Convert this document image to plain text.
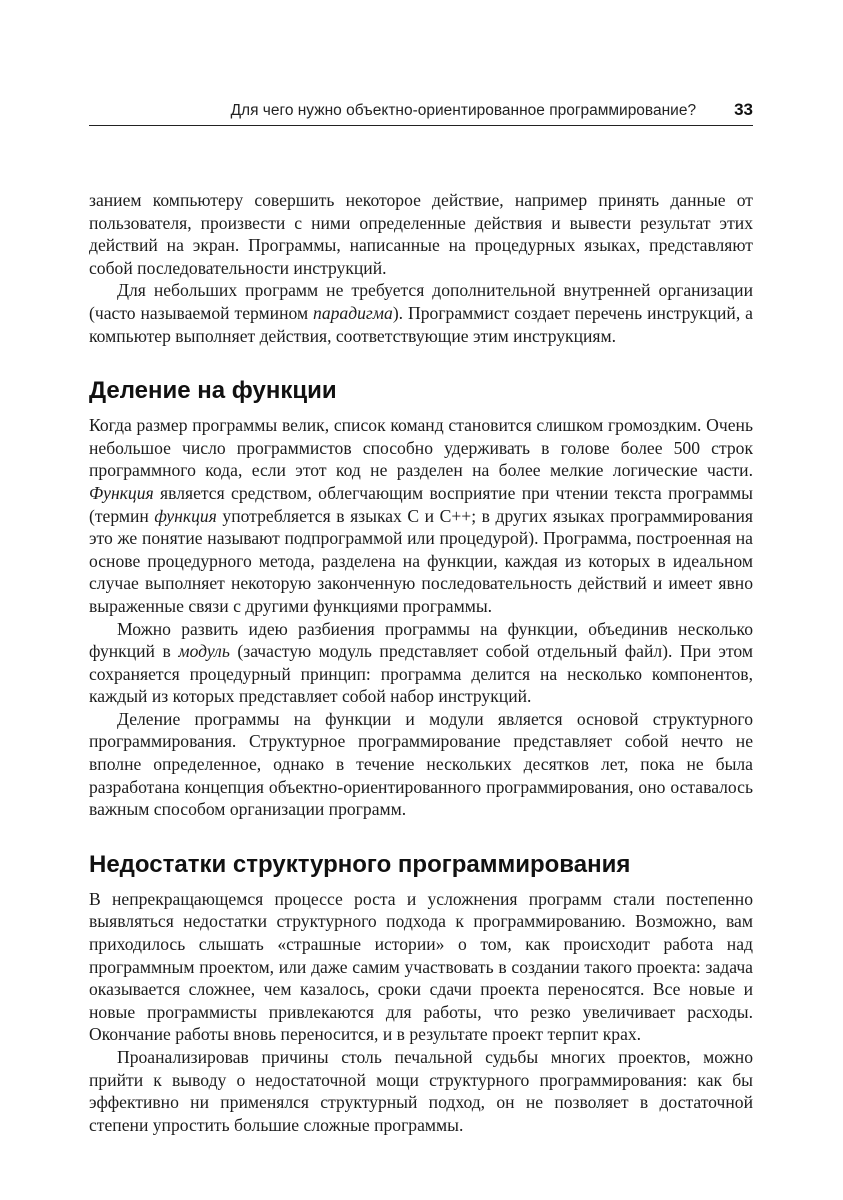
Для чего нужно объектно-ориентированное программирование? 33

занием компьютеру совершить некоторое действие, например принять данные от пользователя, произвести с ними определенные действия и вывести результат этих действий на экран. Программы, написанные на процедурных языках, представляют собой последовательности инструкций.

Для небольших программ не требуется дополнительной внутренней организации (часто называемой термином парадигма). Программист создает перечень инструкций, а компьютер выполняет действия, соответствующие этим инструкциям.

Деление на функции

Когда размер программы велик, список команд становится слишком громоздким. Очень небольшое число программистов способно удерживать в голове более 500 строк программного кода, если этот код не разделен на более мелкие логические части. Функция является средством, облегчающим восприятие при чтении текста программы (термин функция употребляется в языках С и С++; в других языках программирования это же понятие называют подпрограммой или процедурой). Программа, построенная на основе процедурного метода, разделена на функции, каждая из которых в идеальном случае выполняет некоторую законченную последовательность действий и имеет явно выраженные связи с другими функциями программы.

Можно развить идею разбиения программы на функции, объединив несколько функций в модуль (зачастую модуль представляет собой отдельный файл). При этом сохраняется процедурный принцип: программа делится на несколько компонентов, каждый из которых представляет собой набор инструкций.

Деление программы на функции и модули является основой структурного программирования. Структурное программирование представляет собой нечто не вполне определенное, однако в течение нескольких десятков лет, пока не была разработана концепция объектно-ориентированного программирования, оно оставалось важным способом организации программ.

Недостатки структурного программирования

В непрекращающемся процессе роста и усложнения программ стали постепенно выявляться недостатки структурного подхода к программированию. Возможно, вам приходилось слышать «страшные истории» о том, как происходит работа над программным проектом, или даже самим участвовать в создании такого проекта: задача оказывается сложнее, чем казалось, сроки сдачи проекта переносятся. Все новые и новые программисты привлекаются для работы, что резко увеличивает расходы. Окончание работы вновь переносится, и в результате проект терпит крах.

Проанализировав причины столь печальной судьбы многих проектов, можно прийти к выводу о недостаточной мощи структурного программирования: как бы эффективно ни применялся структурный подход, он не позволяет в достаточной степени упростить большие сложные программы.
